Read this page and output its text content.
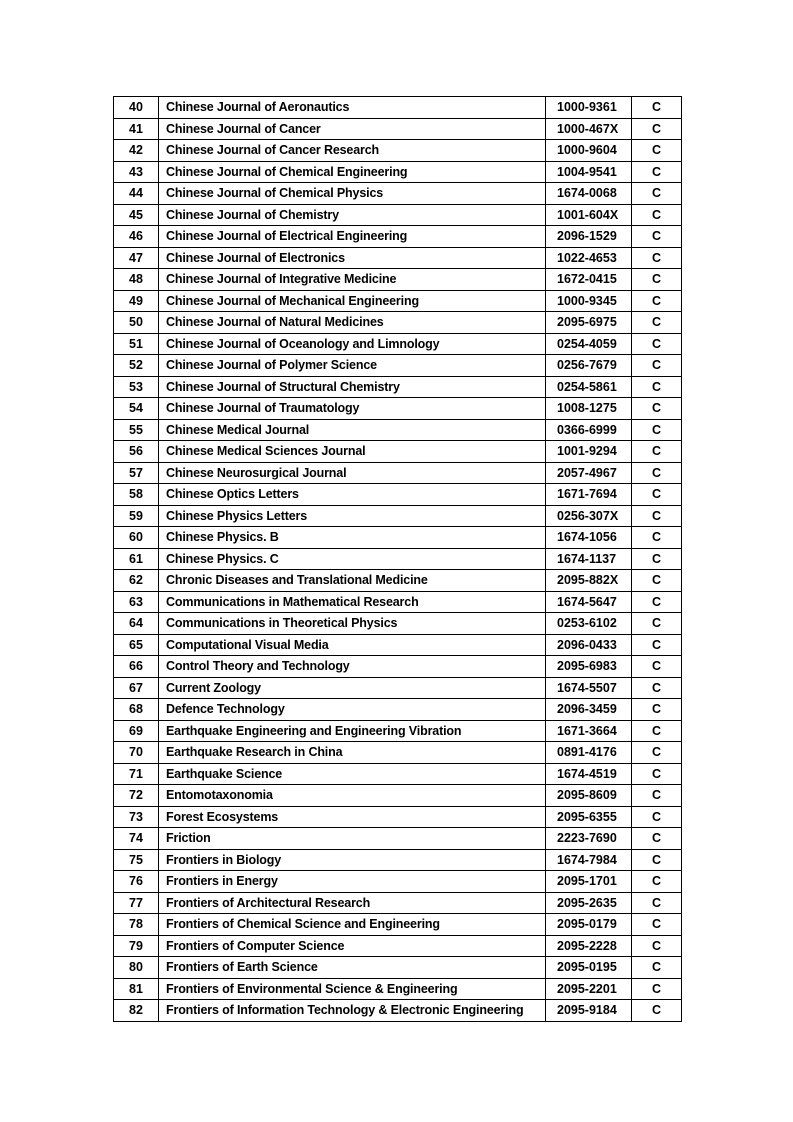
40	Chinese Journal of Aeronautics	1000-9361	C
41	Chinese Journal of Cancer	1000-467X	C
42	Chinese Journal of Cancer Research	1000-9604	C
43	Chinese Journal of Chemical Engineering	1004-9541	C
44	Chinese Journal of Chemical Physics	1674-0068	C
45	Chinese Journal of Chemistry	1001-604X	C
46	Chinese Journal of Electrical Engineering	2096-1529	C
47	Chinese Journal of Electronics	1022-4653	C
48	Chinese Journal of Integrative Medicine	1672-0415	C
49	Chinese Journal of Mechanical Engineering	1000-9345	C
50	Chinese Journal of Natural Medicines	2095-6975	C
51	Chinese Journal of Oceanology and Limnology	0254-4059	C
52	Chinese Journal of Polymer Science	0256-7679	C
53	Chinese Journal of Structural Chemistry	0254-5861	C
54	Chinese Journal of Traumatology	1008-1275	C
55	Chinese Medical Journal	0366-6999	C
56	Chinese Medical Sciences Journal	1001-9294	C
57	Chinese Neurosurgical Journal	2057-4967	C
58	Chinese Optics Letters	1671-7694	C
59	Chinese Physics Letters	0256-307X	C
60	Chinese Physics. B	1674-1056	C
61	Chinese Physics. C	1674-1137	C
62	Chronic Diseases and Translational Medicine	2095-882X	C
63	Communications in Mathematical Research	1674-5647	C
64	Communications in Theoretical Physics	0253-6102	C
65	Computational Visual Media	2096-0433	C
66	Control Theory and Technology	2095-6983	C
67	Current Zoology	1674-5507	C
68	Defence Technology	2096-3459	C
69	Earthquake Engineering and Engineering Vibration	1671-3664	C
70	Earthquake Research in China	0891-4176	C
71	Earthquake Science	1674-4519	C
72	Entomotaxonomia	2095-8609	C
73	Forest Ecosystems	2095-6355	C
74	Friction	2223-7690	C
75	Frontiers in Biology	1674-7984	C
76	Frontiers in Energy	2095-1701	C
77	Frontiers of Architectural Research	2095-2635	C
78	Frontiers of Chemical Science and Engineering	2095-0179	C
79	Frontiers of Computer Science	2095-2228	C
80	Frontiers of Earth Science	2095-0195	C
81	Frontiers of Environmental Science & Engineering	2095-2201	C
82	Frontiers of Information Technology & Electronic Engineering	2095-9184	C
